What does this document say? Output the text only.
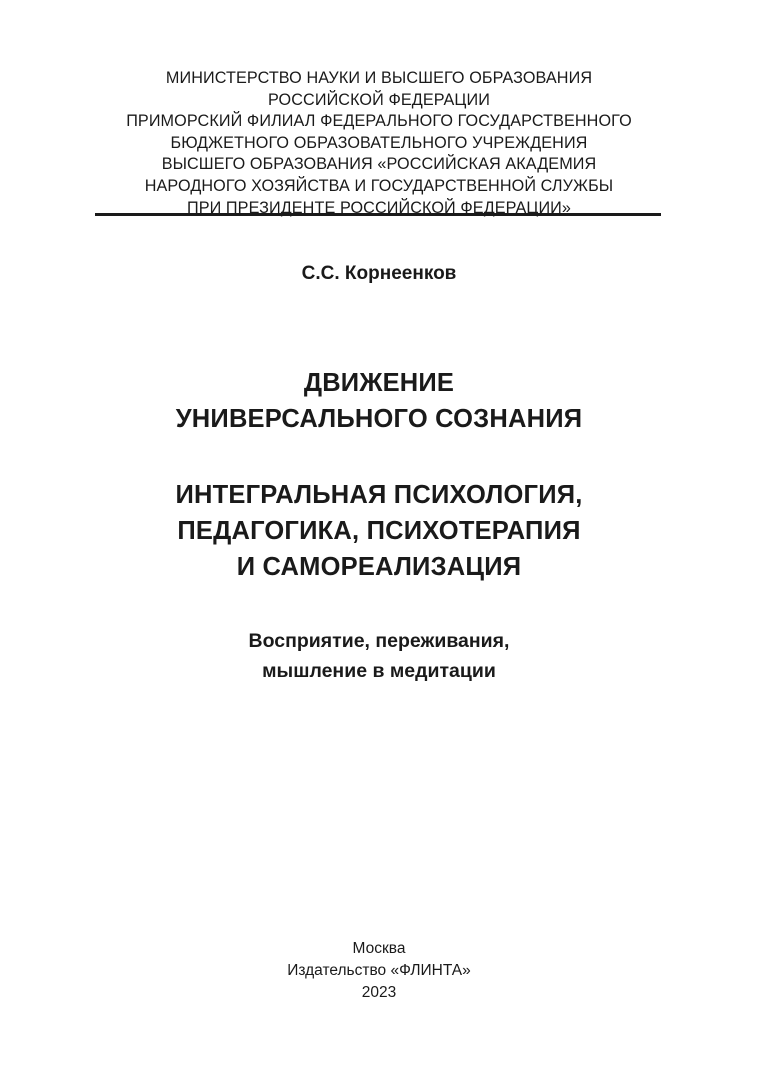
МИНИСТЕРСТВО НАУКИ И ВЫСШЕГО ОБРАЗОВАНИЯ
РОССИЙСКОЙ ФЕДЕРАЦИИ
ПРИМОРСКИЙ ФИЛИАЛ ФЕДЕРАЛЬНОГО ГОСУДАРСТВЕННОГО
БЮДЖЕТНОГО ОБРАЗОВАТЕЛЬНОГО УЧРЕЖДЕНИЯ
ВЫСШЕГО ОБРАЗОВАНИЯ «РОССИЙСКАЯ АКАДЕМИЯ
НАРОДНОГО ХОЗЯЙСТВА И ГОСУДАРСТВЕННОЙ СЛУЖБЫ
ПРИ ПРЕЗИДЕНТЕ РОССИЙСКОЙ ФЕДЕРАЦИИ»
С.С. Корнеенков
ДВИЖЕНИЕ
УНИВЕРСАЛЬНОГО СОЗНАНИЯ
ИНТЕГРАЛЬНАЯ ПСИХОЛОГИЯ,
ПЕДАГОГИКА, ПСИХОТЕРАПИЯ
И САМОРЕАЛИЗАЦИЯ
Восприятие, переживания,
мышление в медитации
Москва
Издательство «ФЛИНТА»
2023
